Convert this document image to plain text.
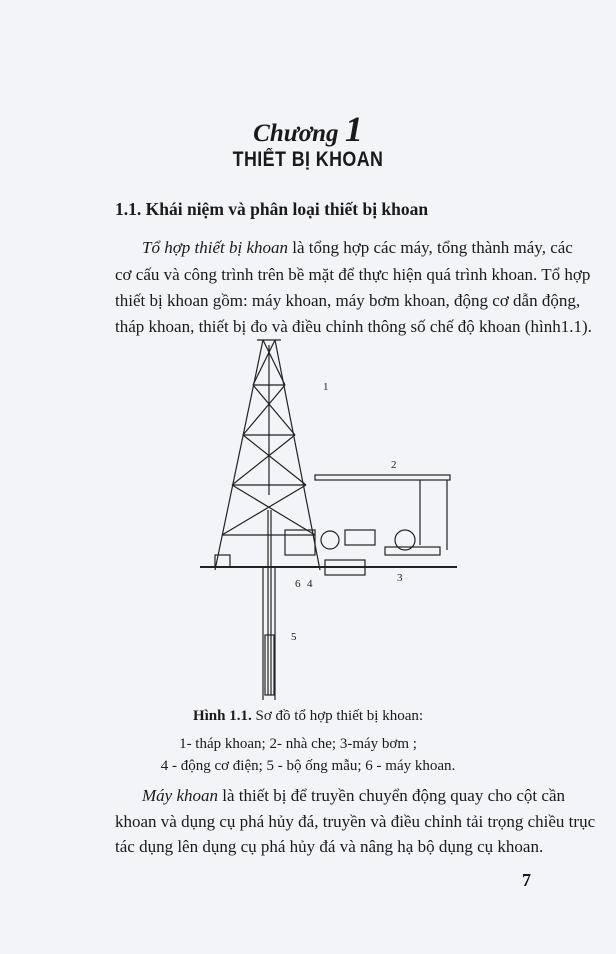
Chương 1
THIẾT BỊ KHOAN
1.1. Khái niệm và phân loại thiết bị khoan
Tổ hợp thiết bị khoan là tổng hợp các máy, tổng thành máy, các
cơ cấu và công trình trên bề mặt để thực hiện quá trình khoan. Tổ hợp
thiết bị khoan gồm: máy khoan, máy bơm khoan, động cơ dẫn động,
tháp khoan, thiết bị đo và điều chỉnh thông số chế độ khoan (hình1.1).
1
2
3
4
5
6
Hình 1.1. Sơ đồ tổ hợp thiết bị khoan:
1- tháp khoan; 2- nhà che; 3-máy bơm ;
4 - động cơ điện; 5 - bộ ống mẫu; 6 - máy khoan.
Máy khoan là thiết bị để truyền chuyển động quay cho cột cần
khoan và dụng cụ phá hủy đá, truyền và điều chỉnh tải trọng chiều trục
tác dụng lên dụng cụ phá hủy đá và nâng hạ bộ dụng cụ khoan.
7
